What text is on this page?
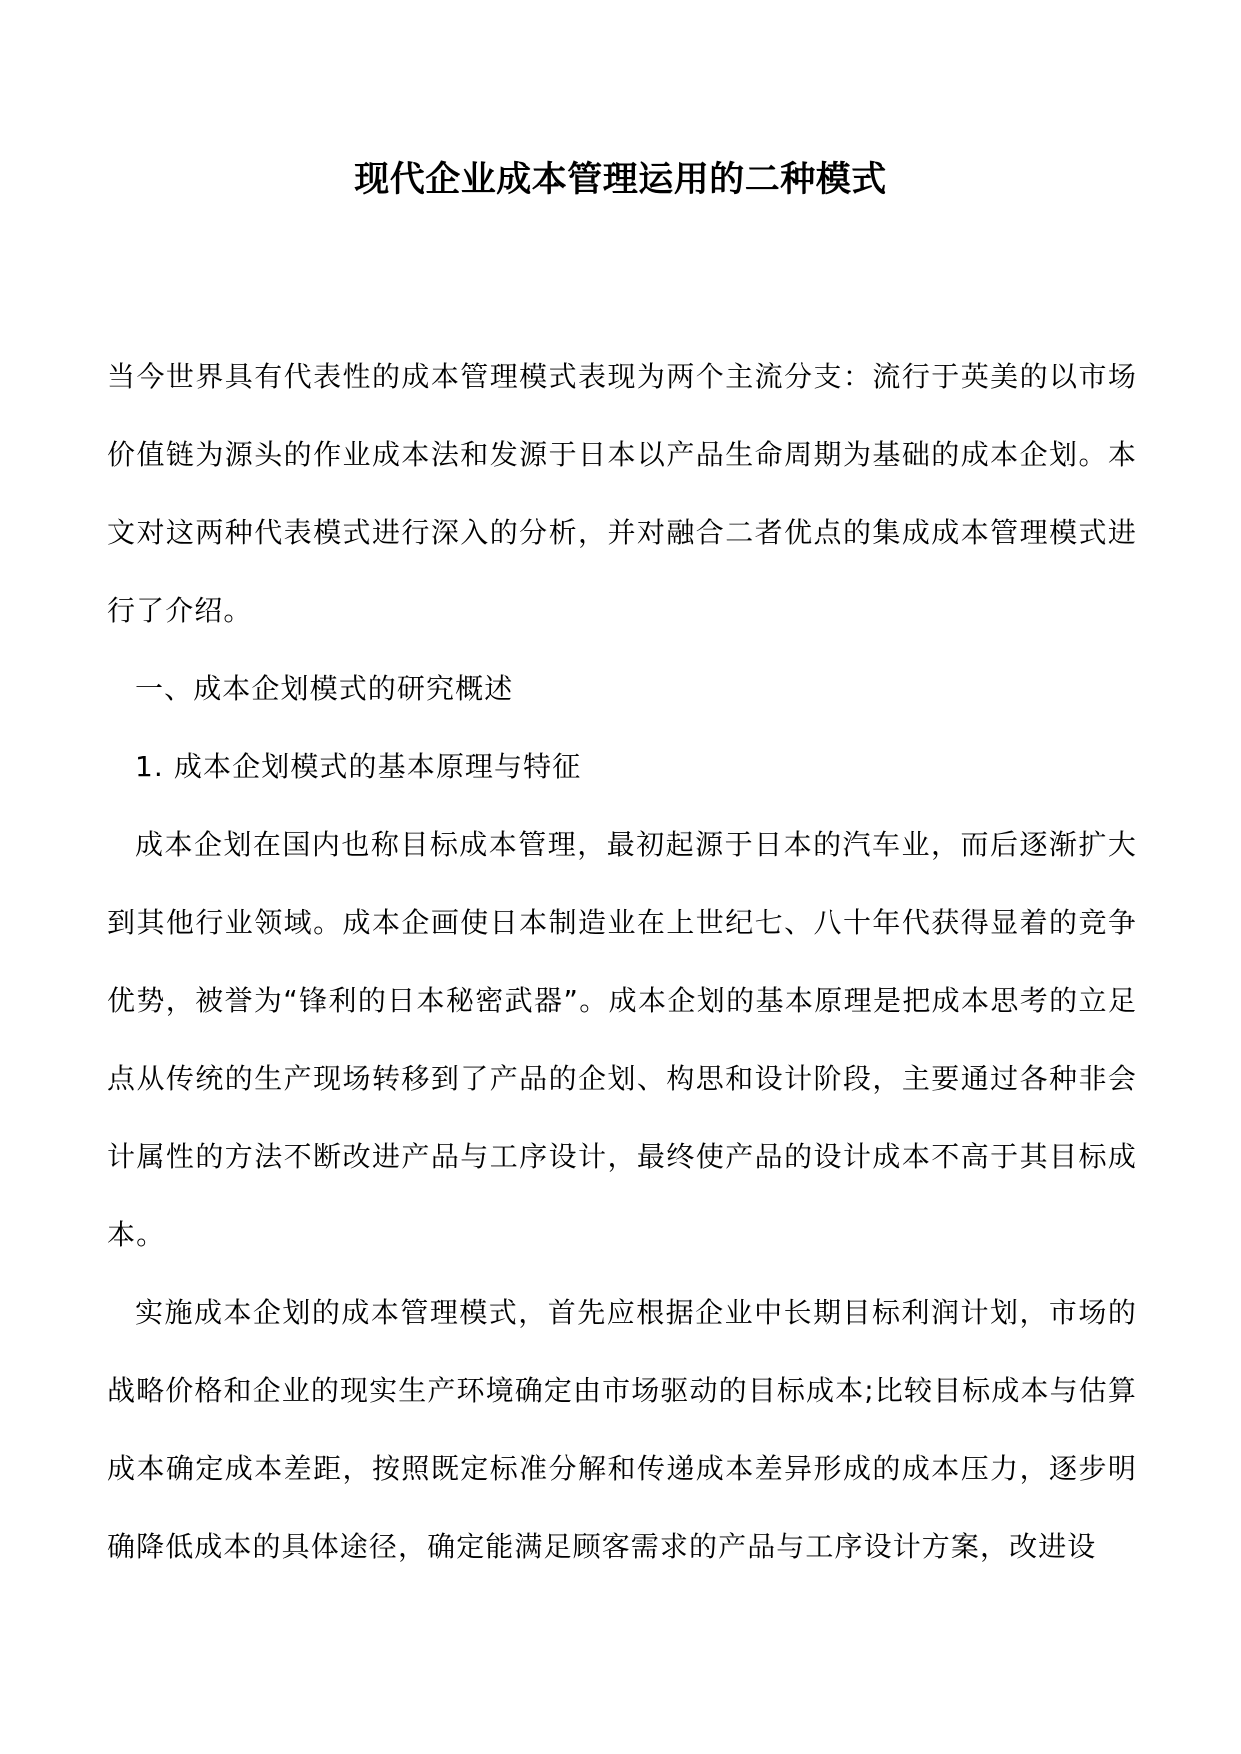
现代企业成本管理运用的二种模式

当今世界具有代表性的成本管理模式表现为两个主流分支：流行于英美的以市场价值链为源头的作业成本法和发源于日本以产品生命周期为基础的成本企划。本文对这两种代表模式进行深入的分析，并对融合二者优点的集成成本管理模式进行了介绍。

一、成本企划模式的研究概述

1. 成本企划模式的基本原理与特征

成本企划在国内也称目标成本管理，最初起源于日本的汽车业，而后逐渐扩大到其他行业领域。成本企画使日本制造业在上世纪七、八十年代获得显着的竞争优势，被誉为“锋利的日本秘密武器”。成本企划的基本原理是把成本思考的立足点从传统的生产现场转移到了产品的企划、构思和设计阶段，主要通过各种非会计属性的方法不断改进产品与工序设计，最终使产品的设计成本不高于其目标成本。

实施成本企划的成本管理模式，首先应根据企业中长期目标利润计划，市场的战略价格和企业的现实生产环境确定由市场驱动的目标成本;比较目标成本与估算成本确定成本差距，按照既定标准分解和传递成本差异形成的成本压力，逐步明确降低成本的具体途径，确定能满足顾客需求的产品与工序设计方案，改进设
